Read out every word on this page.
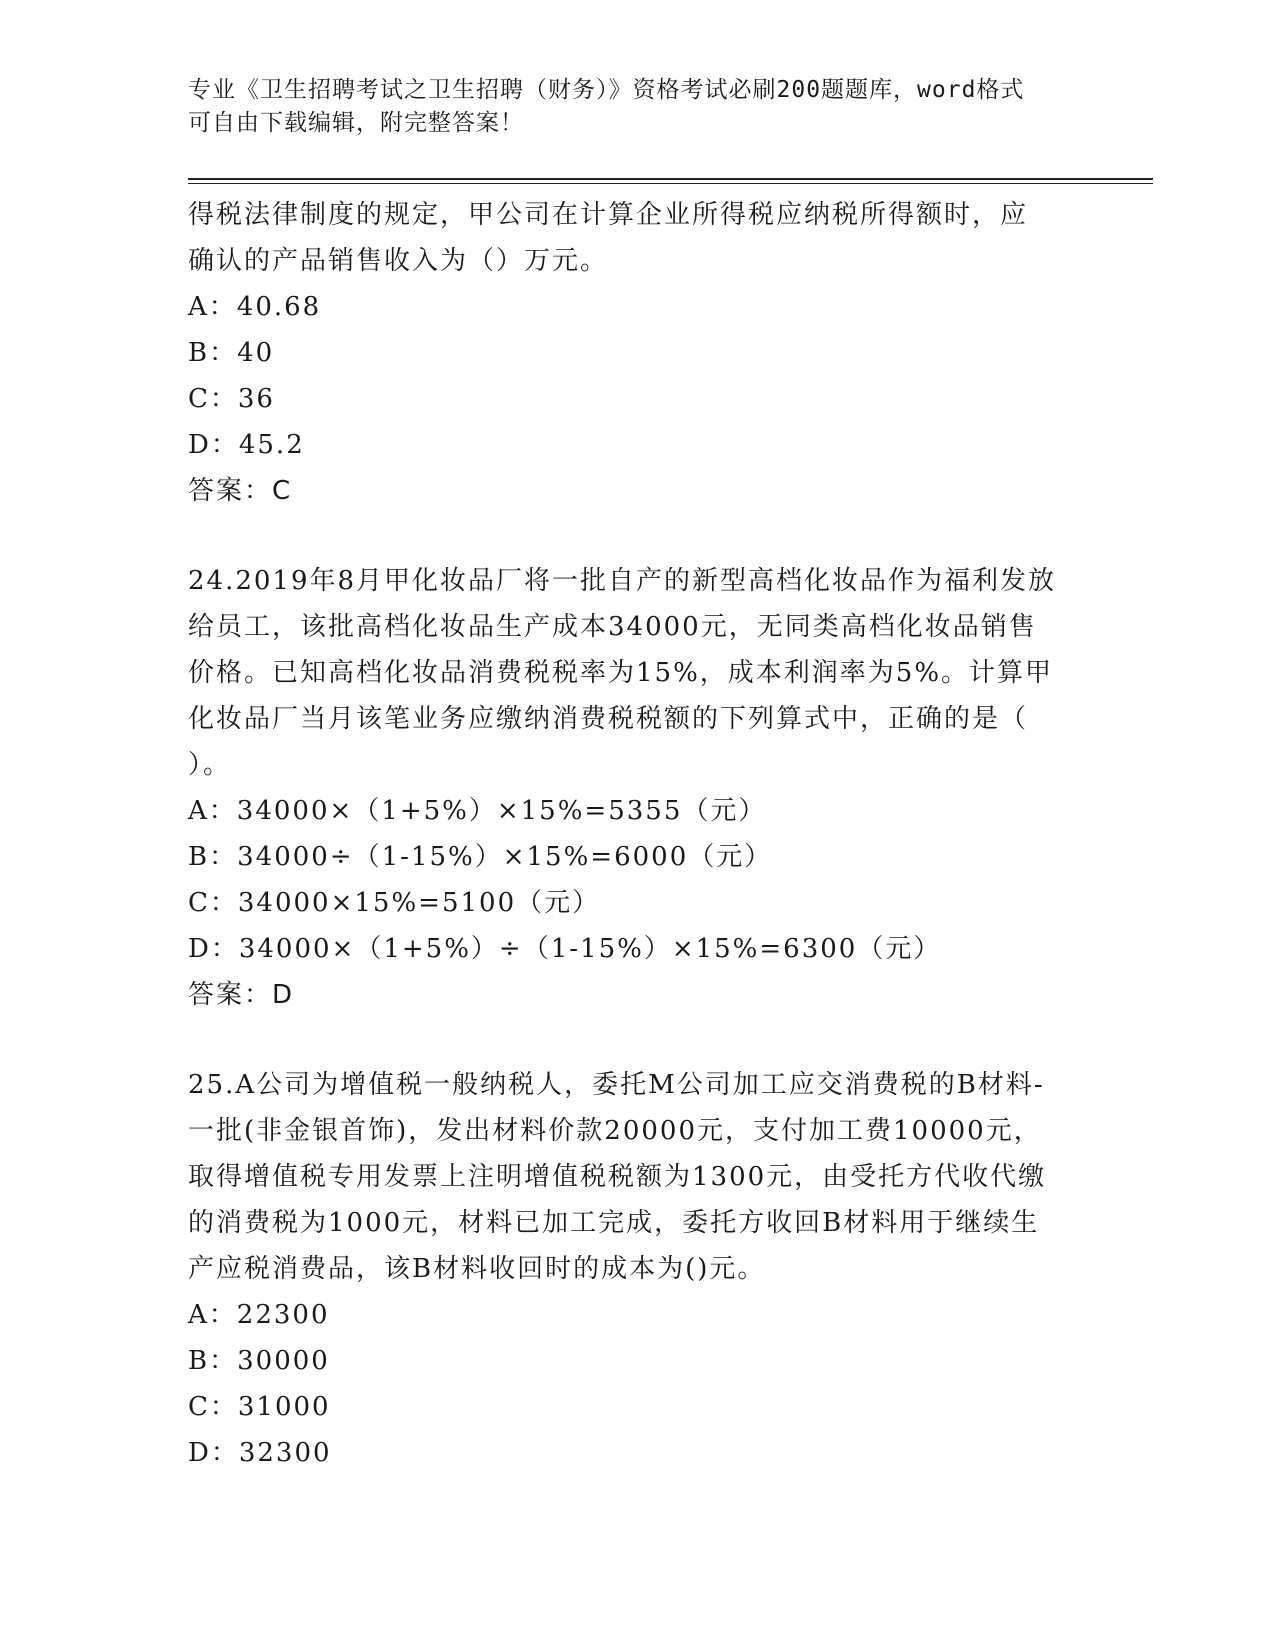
专业《卫生招聘考试之卫生招聘（财务）》资格考试必刷200题题库，word格式
可自由下载编辑，附完整答案！
得税法律制度的规定，甲公司在计算企业所得税应纳税所得额时，应
确认的产品销售收入为（）万元。
A：40.68
B：40
C：36
D：45.2
答案：C
24.2019年8月甲化妆品厂将一批自产的新型高档化妆品作为福利发放
给员工，该批高档化妆品生产成本34000元，无同类高档化妆品销售
价格。已知高档化妆品消费税税率为15%，成本利润率为5%。计算甲
化妆品厂当月该笔业务应缴纳消费税税额的下列算式中，正确的是（
）。
A：34000×（1+5%）×15%=5355（元）
B：34000÷（1-15%）×15%=6000（元）
C：34000×15%=5100（元）
D：34000×（1+5%）÷（1-15%）×15%=6300（元）
答案：D
25.A公司为增值税一般纳税人，委托M公司加工应交消费税的B材料-
一批(非金银首饰)，发出材料价款20000元，支付加工费10000元，
取得增值税专用发票上注明增值税税额为1300元，由受托方代收代缴
的消费税为1000元，材料已加工完成，委托方收回B材料用于继续生
产应税消费品，该B材料收回时的成本为()元。
A：22300
B：30000
C：31000
D：32300
